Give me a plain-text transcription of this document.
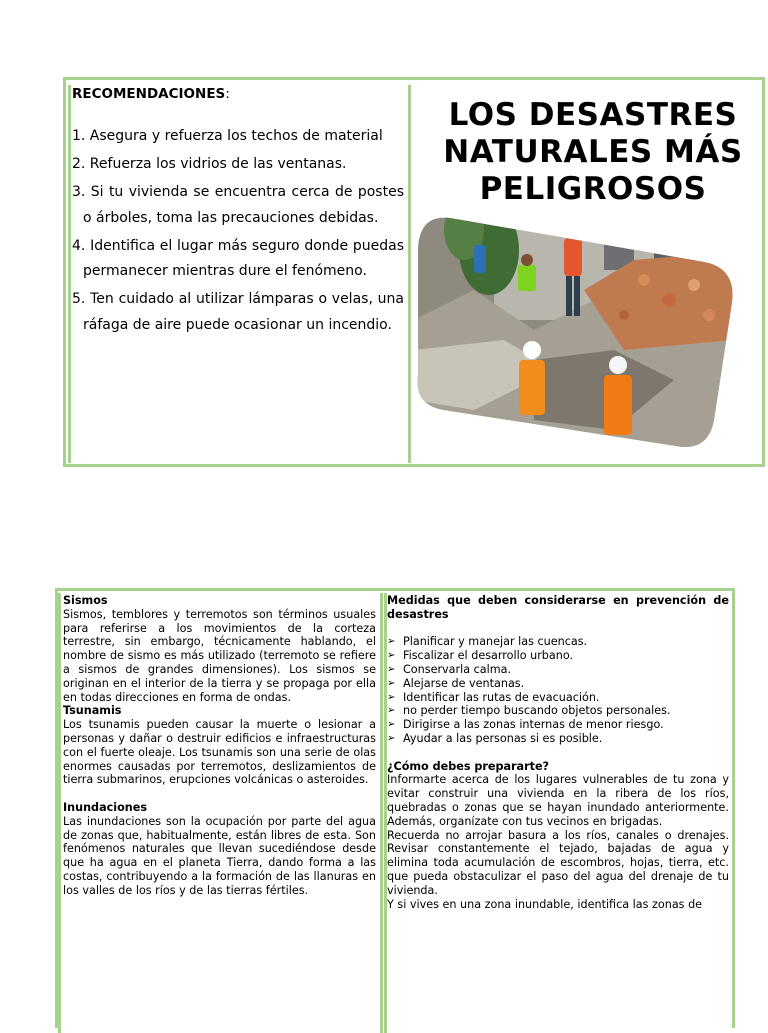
RECOMENDACIONES:
1. Asegura y refuerza los techos de material
2. Refuerza los vidrios de las ventanas.
3. Si tu vivienda se encuentra cerca de postes o árboles, toma las precauciones debidas.
4. Identifica el lugar más seguro donde puedas permanecer mientras dure el fenómeno.
5. Ten cuidado al utilizar lámparas o velas, una ráfaga de aire puede ocasionar un incendio.
LOS DESASTRES
NATURALES MÁS
PELIGROSOS
Sismos
Sismos, temblores y terremotos son términos usuales para referirse a los movimientos de la corteza terrestre, sin embargo, técnicamente hablando, el nombre de sismo es más utilizado (terremoto se refiere a sismos de grandes dimensiones). Los sismos se originan en el interior de la tierra y se propaga por ella en todas direcciones en forma de ondas.
Tsunamis
Los tsunamis pueden causar la muerte o lesionar a personas y dañar o destruir edificios e infraestructuras con el fuerte oleaje. Los tsunamis son una serie de olas enormes causadas por terremotos, deslizamientos de tierra submarinos, erupciones volcánicas o asteroides.
Inundaciones
Las inundaciones son la ocupación por parte del agua de zonas que, habitualmente, están libres de esta. Son fenómenos naturales que llevan sucediéndose desde que ha agua en el planeta Tierra, dando forma a las costas, contribuyendo a la formación de las llanuras en los valles de los ríos y de las tierras fértiles.
Medidas que deben considerarse en prevención de desastres
➢ Planificar y manejar las cuencas.
➢ Fiscalizar el desarrollo urbano.
➢ Conservarla calma.
➢ Alejarse de ventanas.
➢ Identificar las rutas de evacuación.
➢ no perder tiempo buscando objetos personales.
➢ Dirigirse a las zonas internas de menor riesgo.
➢ Ayudar a las personas si es posible.
¿Cómo debes prepararte?
Informarte acerca de los lugares vulnerables de tu zona y evitar construir una vivienda en la ribera de los ríos, quebradas o zonas que se hayan inundado anteriormente. Además, organízate con tus vecinos en brigadas.
Recuerda no arrojar basura a los ríos, canales o drenajes. Revisar constantemente el tejado, bajadas de agua y elimina toda acumulación de escombros, hojas, tierra, etc. que pueda obstaculizar el paso del agua del drenaje de tu vivienda.
Y si vives en una zona inundable, identifica las zonas de
